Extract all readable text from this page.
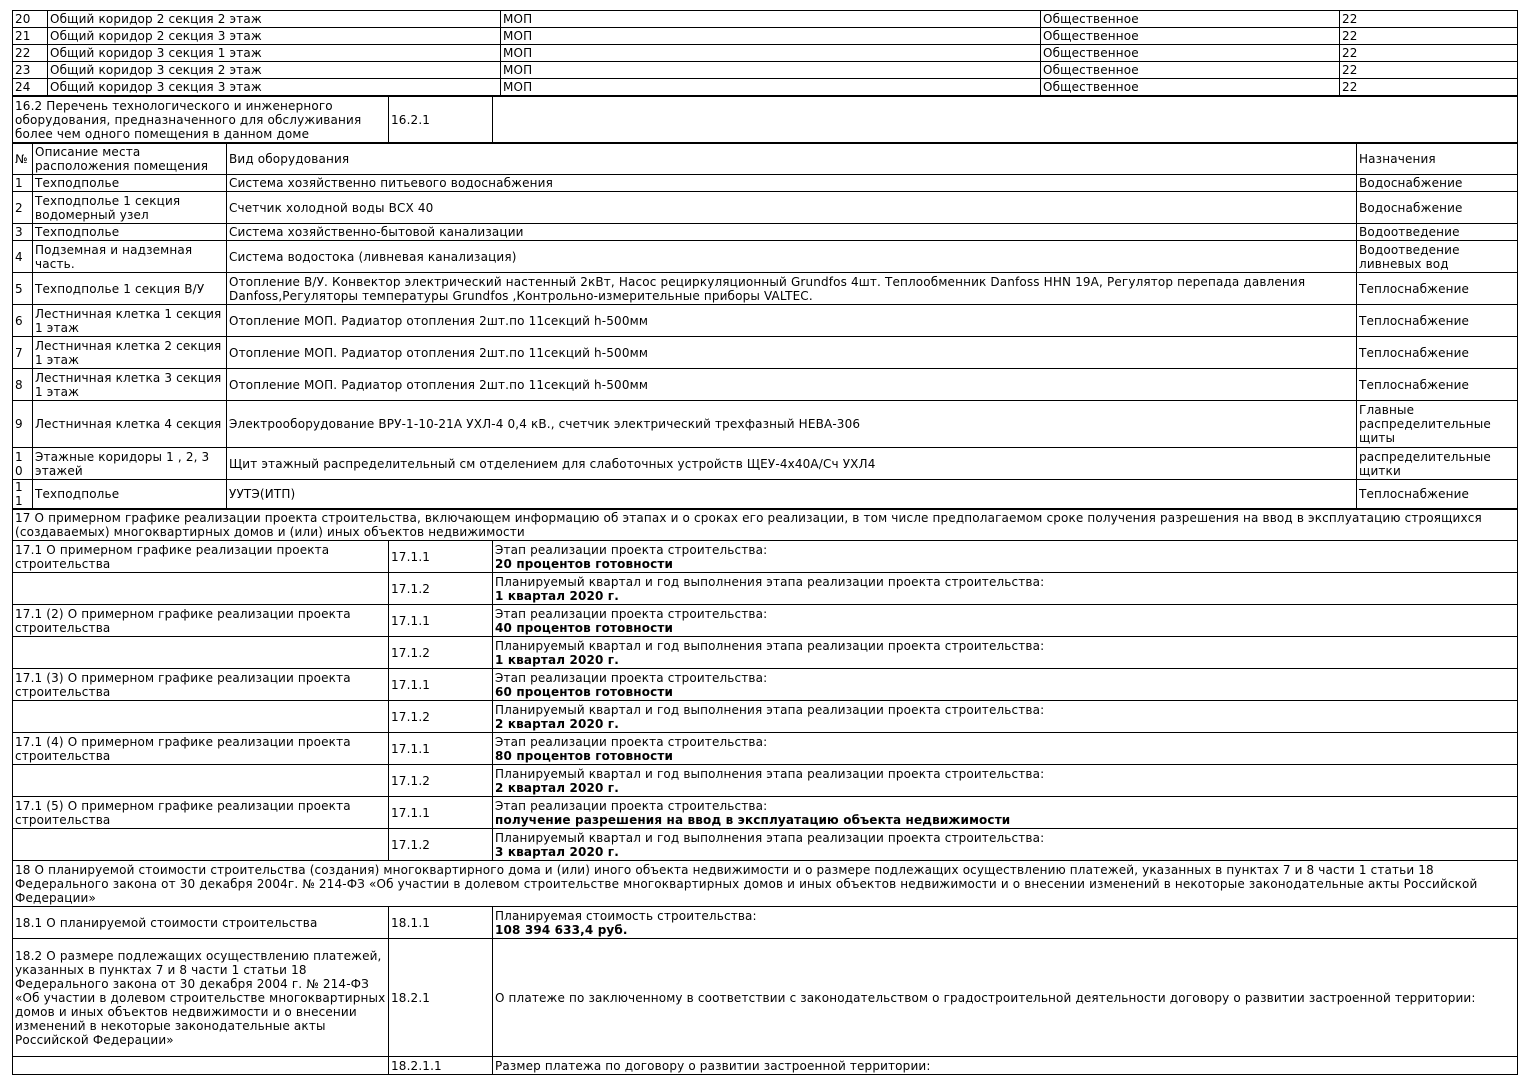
20	Общий коридор 2 секция 2 этаж	МОП	Общественное	22
21	Общий коридор 2 секция 3 этаж	МОП	Общественное	22
22	Общий коридор 3 секция 1 этаж	МОП	Общественное	22
23	Общий коридор 3 секция 2 этаж	МОП	Общественное	22
24	Общий коридор 3 секция 3 этаж	МОП	Общественное	22
16.2 Перечень технологического и инженерного оборудования, предназначенного для обслуживания более чем одного помещения в данном доме	16.2.1	
№	Описание места расположения помещения	Вид оборудования	Назначения
1	Техподполье	Система хозяйственно питьевого водоснабжения	Водоснабжение
2	Техподполье 1 секция водомерный узел	Счетчик холодной воды ВСХ 40	Водоснабжение
3	Техподполье	Система хозяйственно-бытовой канализации	Водоотведение
4	Подземная и надземная часть.	Система водостока (ливневая канализация)	Водоотведение ливневых вод
5	Техподполье 1 секция В/У	Отопление В/У. Конвектор электрический настенный 2кВт, Насос рециркуляционный Grundfos 4шт. Теплообменник Danfoss HHN 19A, Регулятор перепада давления Danfoss,Регуляторы температуры Grundfos ,Контрольно-измерительные приборы VALTEC.	Теплоснабжение
6	Лестничная клетка 1 секция 1 этаж	Отопление МОП. Радиатор отопления 2шт.по 11секций h-500мм	Теплоснабжение
7	Лестничная клетка 2 секция 1 этаж	Отопление МОП. Радиатор отопления 2шт.по 11секций h-500мм	Теплоснабжение
8	Лестничная клетка 3 секция 1 этаж	Отопление МОП. Радиатор отопления 2шт.по 11секций h-500мм	Теплоснабжение
9	Лестничная клетка 4 секция	Электрооборудование ВРУ-1-10-21А УХЛ-4 0,4 кВ., счетчик электрический трехфазный НЕВА-306	Главные распределительные щиты
10	Этажные коридоры 1 , 2, 3 этажей	Щит этажный распределительный см отделением для слаботочных устройств ЩЕУ-4х40А/Сч УХЛ4	распределительные щитки
11	Техподполье	УУТЭ(ИТП)	Теплоснабжение
17 О примерном графике реализации проекта строительства, включающем информацию об этапах и о сроках его реализации, в том числе предполагаемом сроке получения разрешения на ввод в эксплуатацию строящихся (создаваемых) многоквартирных домов и (или) иных объектов недвижимости		
17.1 О примерном графике реализации проекта строительства	17.1.1	Этап реализации проекта строительства:
20 процентов готовности

	17.1.2	Планируемый квартал и год выполнения этапа реализации проекта строительства:
1 квартал 2020 г.

17.1 (2) О примерном графике реализации проекта строительства	17.1.1	Этап реализации проекта строительства:
40 процентов готовности

	17.1.2	Планируемый квартал и год выполнения этапа реализации проекта строительства:
1 квартал 2020 г.

17.1 (3) О примерном графике реализации проекта строительства	17.1.1	Этап реализации проекта строительства:
60 процентов готовности

	17.1.2	Планируемый квартал и год выполнения этапа реализации проекта строительства:
2 квартал 2020 г.

17.1 (4) О примерном графике реализации проекта строительства	17.1.1	Этап реализации проекта строительства:
80 процентов готовности

	17.1.2	Планируемый квартал и год выполнения этапа реализации проекта строительства:
2 квартал 2020 г.

17.1 (5) О примерном графике реализации проекта строительства	17.1.1	Этап реализации проекта строительства:
получение разрешения на ввод в эксплуатацию объекта недвижимости

	17.1.2	Планируемый квартал и год выполнения этапа реализации проекта строительства:
3 квартал 2020 г.

18 О планируемой стоимости строительства (создания) многоквартирного дома и (или) иного объекта недвижимости и о размере подлежащих осуществлению платежей, указанных в пунктах 7 и 8 части 1 статьи 18 Федерального закона от 30 декабря 2004г. № 214-ФЗ «Об участии в долевом строительстве многоквартирных домов и иных объектов недвижимости и о внесении изменений в некоторые законодательные акты Российской Федерации»		
18.1 О планируемой стоимости строительства	18.1.1	Планируемая стоимость строительства:
108 394 633,4 руб.

18.2 О размере подлежащих осуществлению платежей, указанных в пунктах 7 и 8 части 1 статьи 18 Федерального закона от 30 декабря 2004 г. № 214-ФЗ «Об участии в долевом строительстве многоквартирных домов и иных объектов недвижимости и о внесении изменений в некоторые законодательные акты Российской Федерации»	18.2.1	О платеже по заключенному в соответствии с законодательством о градостроительной деятельности договору о развитии застроенной территории:
	18.2.1.1	Размер платежа по договору о развитии застроенной территории:
